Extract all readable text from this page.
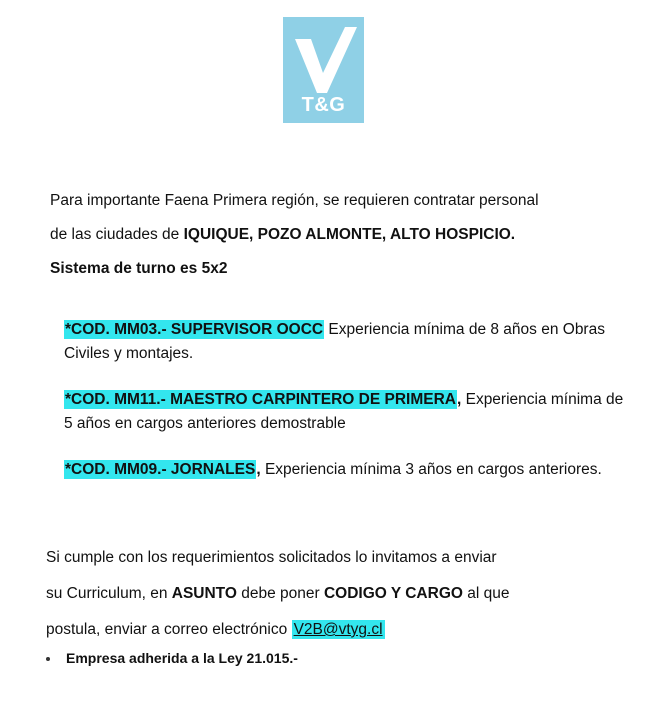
T&G
Para importante Faena Primera región, se requieren contratar personal
de las ciudades de IQUIQUE, POZO ALMONTE, ALTO HOSPICIO.
Sistema de turno es 5x2
*COD. MM03.- SUPERVISOR OOCC Experiencia mínima de 8 años en Obras Civiles y montajes.
*COD. MM11.- MAESTRO CARPINTERO DE PRIMERA, Experiencia mínima de 5 años en cargos anteriores demostrable
*COD. MM09.- JORNALES, Experiencia mínima 3 años en cargos anteriores.
Si cumple con los requerimientos solicitados lo invitamos a enviar
su Curriculum, en ASUNTO debe poner CODIGO Y CARGO al que
postula, enviar a correo electrónico V2B@vtyg.cl
Empresa adherida a la Ley 21.015.-
